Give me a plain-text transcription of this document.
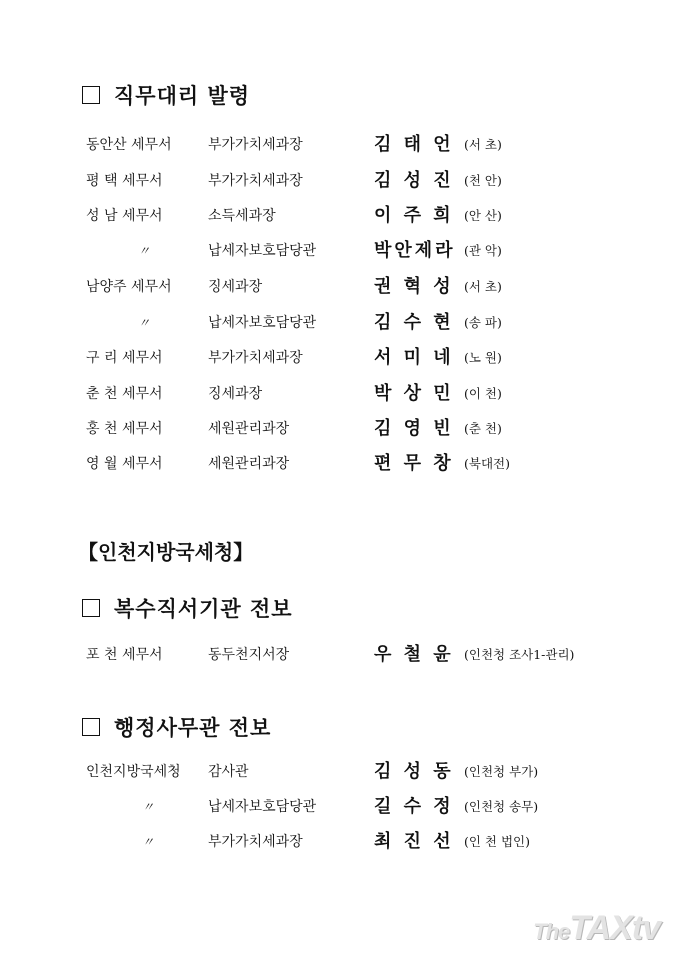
직무대리 발령
동안산 세무서	부가가치세과장	김 태 언 (서 초)
평 택 세무서	부가가치세과장	김 성 진 (천 안)
성 남 세무서	소득세과장	이 주 희 (안 산)
〃	납세자보호담당관	박안제라 (관 악)
남양주 세무서	징세과장	권 혁 성 (서 초)
〃	납세자보호담당관	김 수 현 (송 파)
구 리 세무서	부가가치세과장	서 미 네 (노 원)
춘 천 세무서	징세과장	박 상 민 (이 천)
홍 천 세무서	세원관리과장	김 영 빈 (춘 천)
영 월 세무서	세원관리과장	편 무 창 (북대전)
【인천지방국세청】
복수직서기관 전보
포 천 세무서	동두천지서장	우 철 윤 (인천청 조사1-관리)
행정사무관 전보
인천지방국세청	감사관	김 성 동 (인천청 부가)
〃	납세자보호담당관	길 수 정 (인천청 송무)
〃	부가가치세과장	최 진 선 (인 천 법인)
TheTAXtv
